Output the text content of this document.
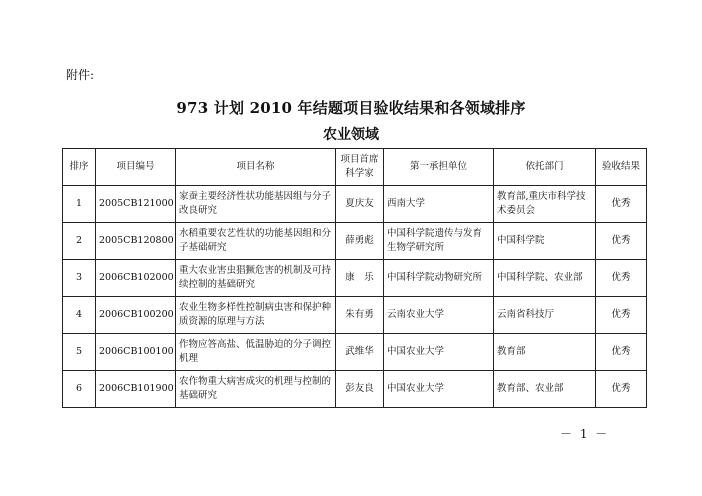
附件:
973 计划 2010 年结题项目验收结果和各领域排序
农业领域
排序	项目编号	项目名称	项目首席科学家	第一承担单位	依托部门	验收结果
1	2005CB121000	家蚕主要经济性状功能基因组与分子改良研究	夏庆友	西南大学	教育部,重庆市科学技术委员会	优秀
2	2005CB120800	水稻重要农艺性状的功能基因组和分子基础研究	薛勇彪	中国科学院遗传与发育生物学研究所	中国科学院	优秀
3	2006CB102000	重大农业害虫猖獗危害的机制及可持续控制的基础研究	康　乐	中国科学院动物研究所	中国科学院、农业部	优秀
4	2006CB100200	农业生物多样性控制病虫害和保护种质资源的原理与方法	朱有勇	云南农业大学	云南省科技厅	优秀
5	2006CB100100	作物应答高盐、低温胁迫的分子调控机理	武维华	中国农业大学	教育部	优秀
6	2006CB101900	农作物重大病害成灾的机理与控制的基础研究	彭友良	中国农业大学	教育部、农业部	优秀
－ 1 －
